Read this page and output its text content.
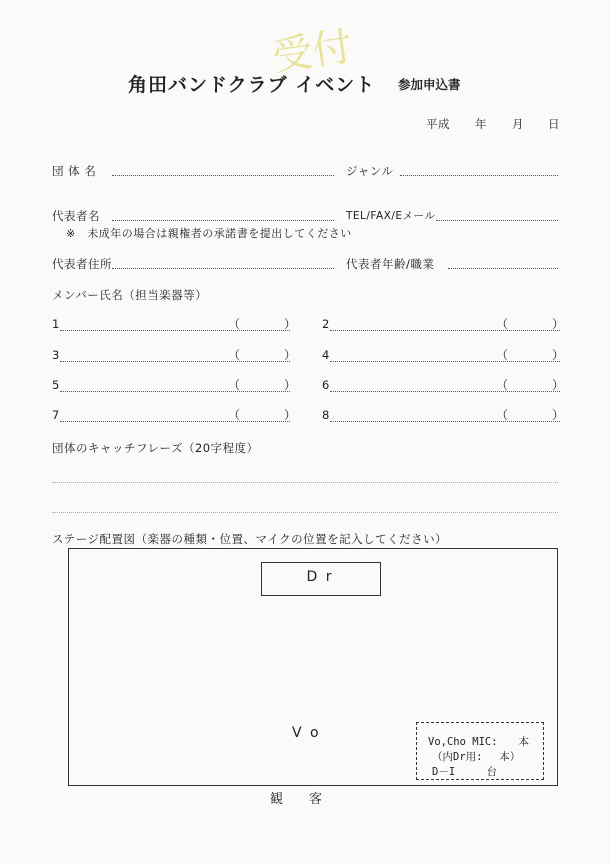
受付
角田バンドクラブ イベント 参加申込書
平成 年 月 日
団 体 名	ジャンル
代表者名	TEL/FAX/Eメール
※　未成年の場合は親権者の承諾書を提出してください
代表者住所	代表者年齢/職業
メンバー氏名（担当楽器等）
1	（	） 2	（	）
3	（	） 4	（	）
5	（	） 6	（	）
7	（	） 8	（	）
団体のキャッチフレーズ（20字程度）
ステージ配置図（楽器の種類・位置、マイクの位置を記入してください）
D r
V o
Vo,Cho MIC:　　本
（内Dr用:　 本）
D－I　　　台
観　　客
